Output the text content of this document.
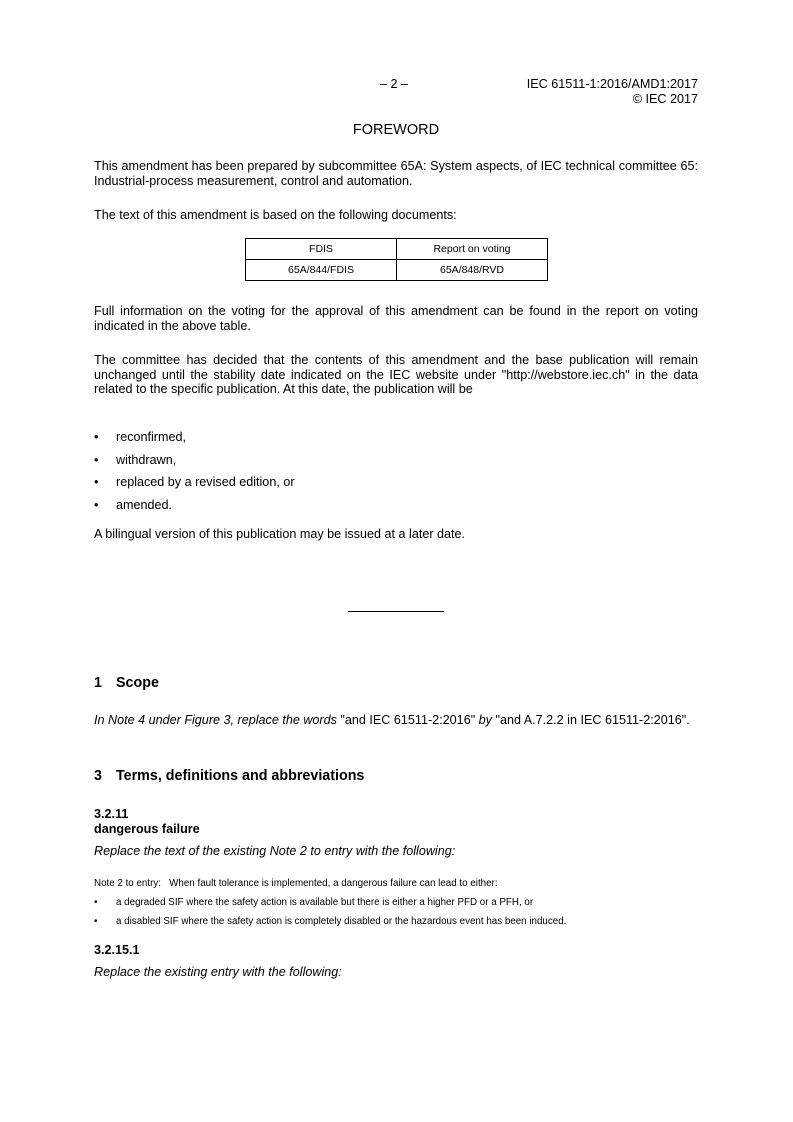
– 2 –	IEC 61511-1:2016/AMD1:2017
© IEC 2017
FOREWORD

This amendment has been prepared by subcommittee 65A: System aspects, of IEC technical committee 65: Industrial-process measurement, control and automation.

The text of this amendment is based on the following documents:

FDIS	Report on voting
65A/844/FDIS	65A/848/RVD

Full information on the voting for the approval of this amendment can be found in the report on voting indicated in the above table.

The committee has decided that the contents of this amendment and the base publication will remain unchanged until the stability date indicated on the IEC website under "http://webstore.iec.ch" in the data related to the specific publication. At this date, the publication will be

• reconfirmed,
• withdrawn,
• replaced by a revised edition, or
• amended.

A bilingual version of this publication may be issued at a later date.

1 Scope

In Note 4 under Figure 3, replace the words "and IEC 61511-2:2016" by "and A.7.2.2 in IEC 61511-2:2016".

3 Terms, definitions and abbreviations

3.2.11

dangerous failure

Replace the text of the existing Note 2 to entry with the following:

Note 2 to entry: When fault tolerance is implemented, a dangerous failure can lead to either:

• a degraded SIF where the safety action is available but there is either a higher PFD or a PFH, or
• a disabled SIF where the safety action is completely disabled or the hazardous event has been induced.

3.2.15.1

Replace the existing entry with the following:
